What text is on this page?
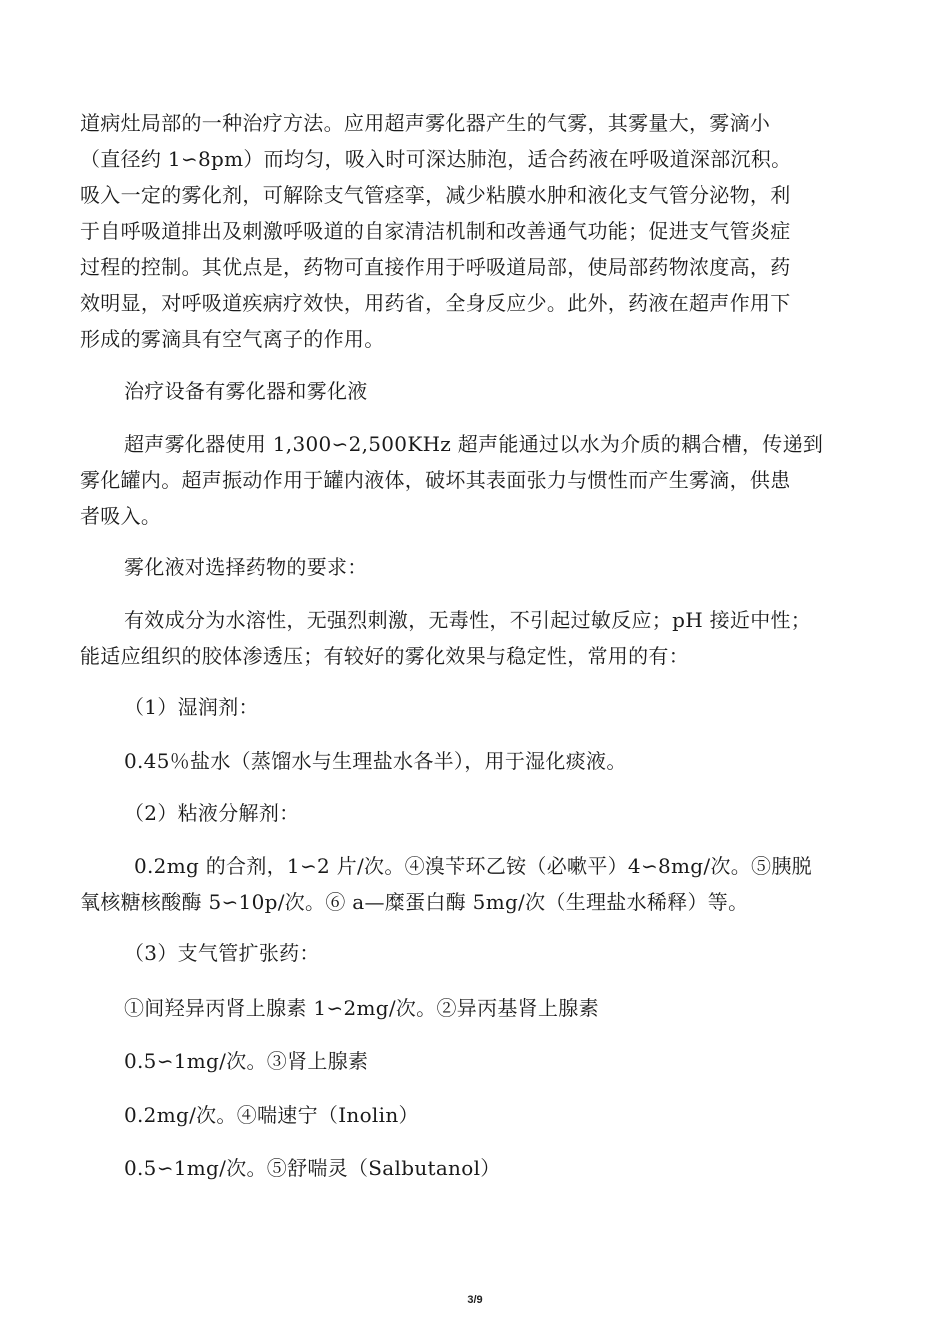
道病灶局部的一种治疗方法。应用超声雾化器产生的气雾，其雾量大，雾滴小
（直径约 1∽8pm）而均匀，吸入时可深达肺泡，适合药液在呼吸道深部沉积。
吸入一定的雾化剂，可解除支气管痉挛，减少粘膜水肿和液化支气管分泌物，利
于自呼吸道排出及刺激呼吸道的自家清洁机制和改善通气功能；促进支气管炎症
过程的控制。其优点是，药物可直接作用于呼吸道局部，使局部药物浓度高，药
效明显，对呼吸道疾病疗效快，用药省，全身反应少。此外，药液在超声作用下
形成的雾滴具有空气离子的作用。
治疗设备有雾化器和雾化液
超声雾化器使用 1,300∽2,500KHz 超声能通过以水为介质的耦合槽，传递到
雾化罐内。超声振动作用于罐内液体，破坏其表面张力与惯性而产生雾滴，供患
者吸入。
雾化液对选择药物的要求：
有效成分为水溶性，无强烈刺激，无毒性，不引起过敏反应；pH 接近中性；
能适应组织的胶体渗透压；有较好的雾化效果与稳定性，常用的有：
（1）湿润剂：
0.45％盐水（蒸馏水与生理盐水各半），用于湿化痰液。
（2）粘液分解剂：
0.2mg 的合剂，1∽2 片/次。④溴苄环乙铵（必嗽平）4∽8mg/次。⑤胰脱
氧核糖核酸酶 5∽10p/次。⑥ a—糜蛋白酶 5mg/次（生理盐水稀释）等。
（3）支气管扩张药：
①间羟异丙肾上腺素 1∽2mg/次。②异丙基肾上腺素
0.5∽1mg/次。③肾上腺素
0.2mg/次。④喘速宁（Inolin）
0.5∽1mg/次。⑤舒喘灵（Salbutanol）
3/9
